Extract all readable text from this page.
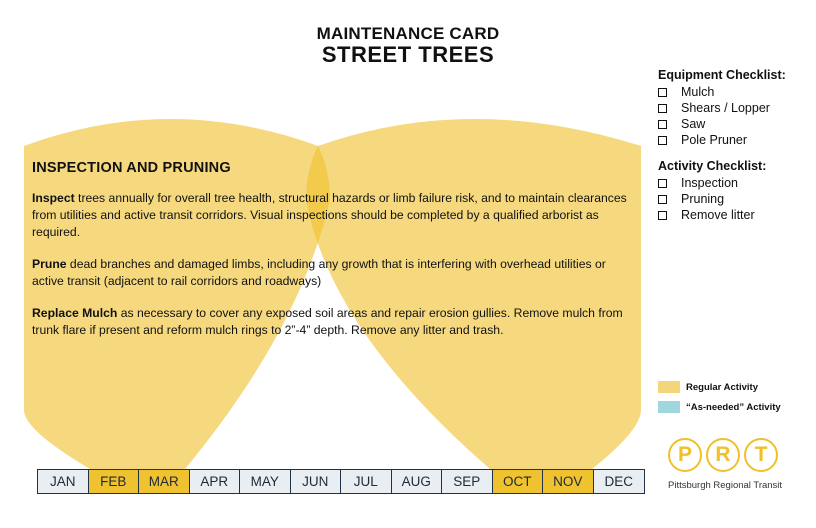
MAINTENANCE CARD
STREET TREES
INSPECTION AND PRUNING

Inspect trees annually for overall tree health, structural hazards or limb failure risk, and to maintain clearances from utilities and active transit corridors. Visual inspections should be completed by a qualified arborist as required.

Prune dead branches and damaged limbs, including any growth that is interfering with overhead utilities or active transit (adjacent to rail corridors and roadways)

Replace Mulch as necessary to cover any exposed soil areas and repair erosion gullies. Remove mulch from trunk flare if present and reform mulch rings to 2”-4” depth. Remove any litter and trash.

Equipment Checklist:
Mulch
Shears / Lopper
Saw
Pole Pruner
Activity Checklist:
Inspection
Pruning
Remove litter
Regular Activity
“As-needed” Activity
P	R	T
Pittsburgh Regional Transit
JAN	FEB	MAR	APR	MAY	JUN	JUL	AUG	SEP	OCT	NOV	DEC
